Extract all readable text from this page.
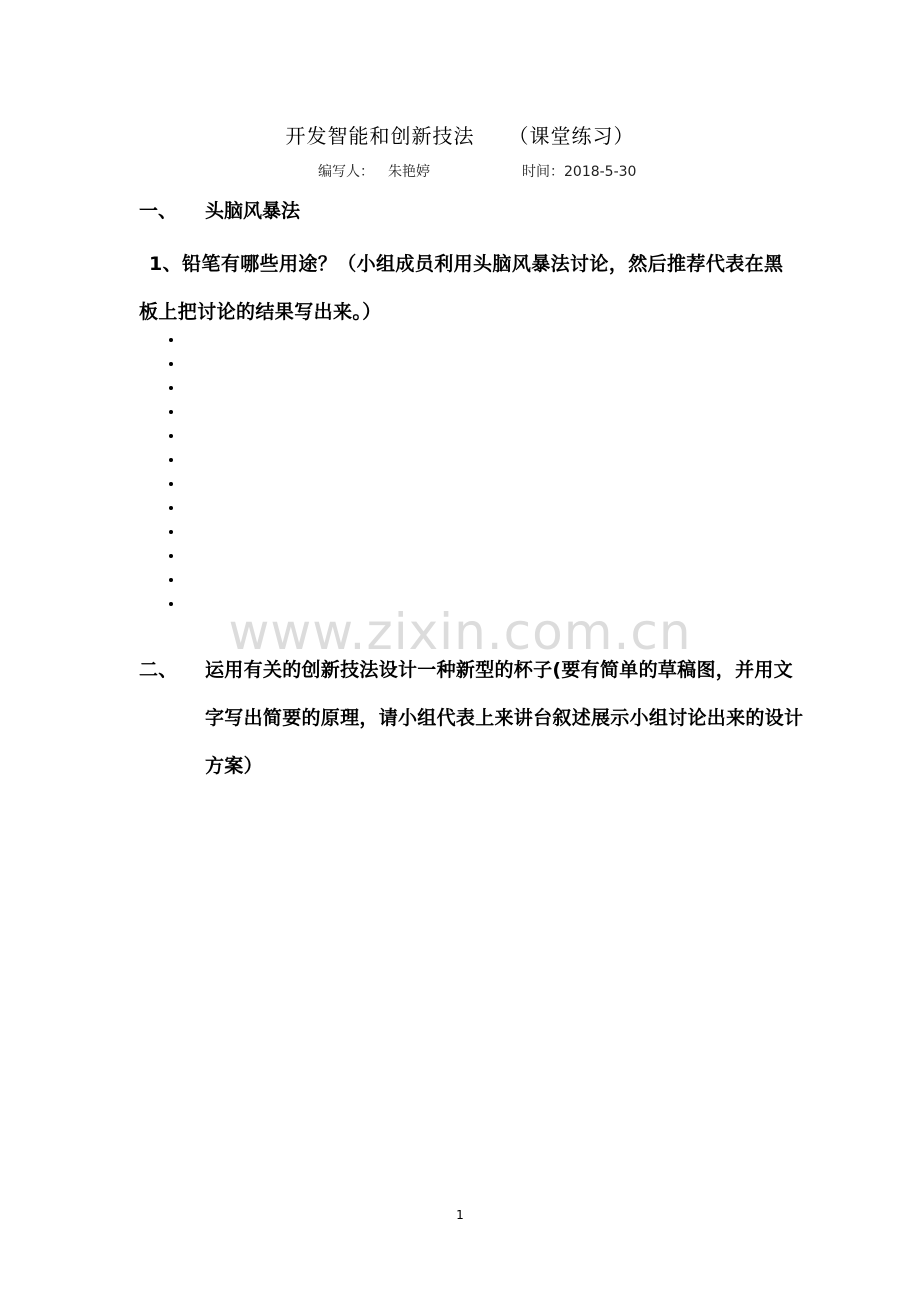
开发智能和创新技法 （课堂练习）
编写人： 朱艳婷	时间：2018-5-30
一、 头脑风暴法
1、铅笔有哪些用途？（小组成员利用头脑风暴法讨论，然后推荐代表在黑板上把讨论的结果写出来。）
www.zixin.com.cn
二、	运用有关的创新技法设计一种新型的杯子(要有简单的草稿图，并用文字写出简要的原理，请小组代表上来讲台叙述展示小组讨论出来的设计方案）
1
